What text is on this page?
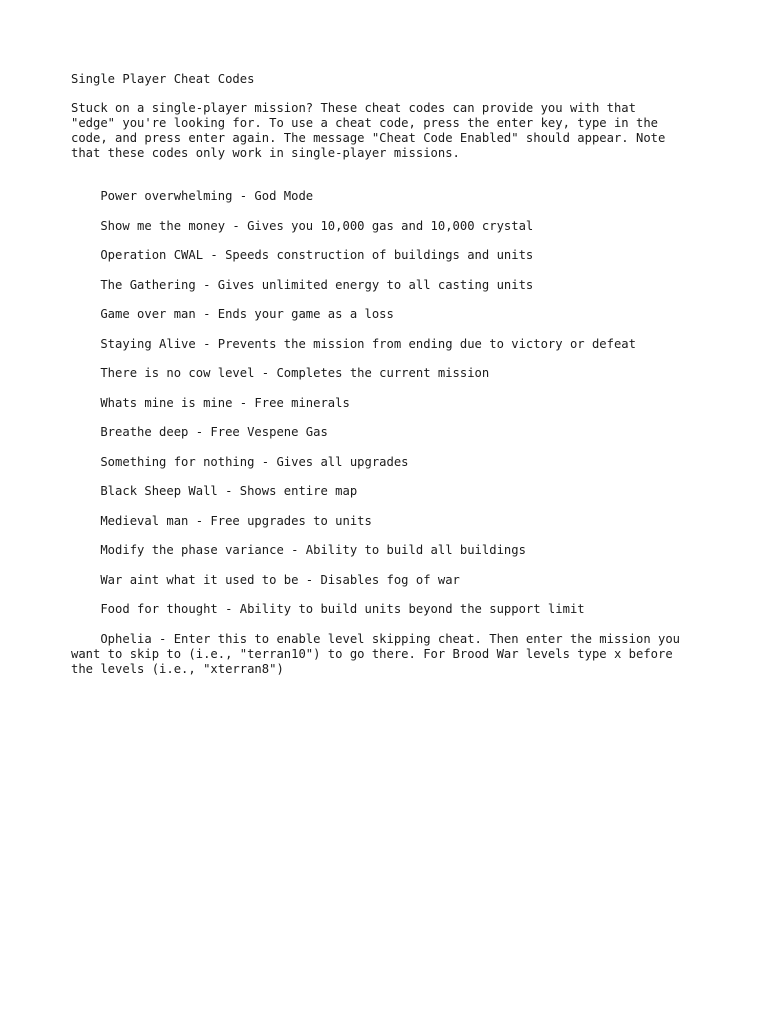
Single Player Cheat Codes
Stuck on a single-player mission? These cheat codes can provide you with that
"edge" you're looking for. To use a cheat code, press the enter key, type in the
code, and press enter again. The message "Cheat Code Enabled" should appear. Note
that these codes only work in single-player missions.
Power overwhelming - God Mode
Show me the money - Gives you 10,000 gas and 10,000 crystal
Operation CWAL - Speeds construction of buildings and units
The Gathering - Gives unlimited energy to all casting units
Game over man - Ends your game as a loss
Staying Alive - Prevents the mission from ending due to victory or defeat
There is no cow level - Completes the current mission
Whats mine is mine - Free minerals
Breathe deep - Free Vespene Gas
Something for nothing - Gives all upgrades
Black Sheep Wall - Shows entire map
Medieval man - Free upgrades to units
Modify the phase variance - Ability to build all buildings
War aint what it used to be - Disables fog of war
Food for thought - Ability to build units beyond the support limit
Ophelia - Enter this to enable level skipping cheat. Then enter the mission you
want to skip to (i.e., "terran10") to go there. For Brood War levels type x before
the levels (i.e., "xterran8")
